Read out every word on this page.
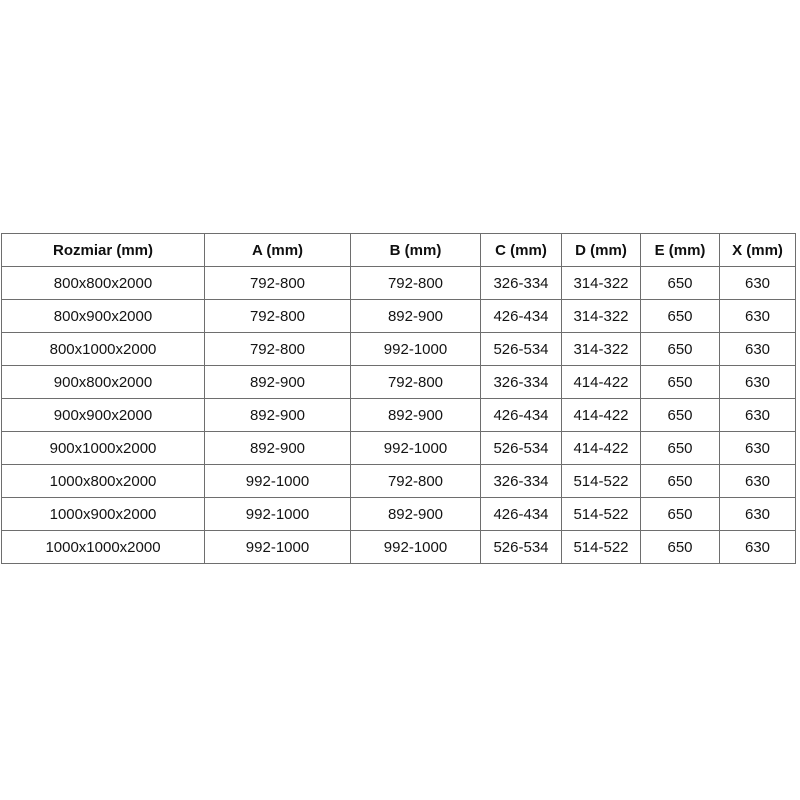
Rozmiar (mm)	A (mm)	B (mm)	C (mm)	D (mm)	E (mm)	X (mm)
800x800x2000	792-800	792-800	326-334	314-322	650	630
800x900x2000	792-800	892-900	426-434	314-322	650	630
800x1000x2000	792-800	992-1000	526-534	314-322	650	630
900x800x2000	892-900	792-800	326-334	414-422	650	630
900x900x2000	892-900	892-900	426-434	414-422	650	630
900x1000x2000	892-900	992-1000	526-534	414-422	650	630
1000x800x2000	992-1000	792-800	326-334	514-522	650	630
1000x900x2000	992-1000	892-900	426-434	514-522	650	630
1000x1000x2000	992-1000	992-1000	526-534	514-522	650	630
